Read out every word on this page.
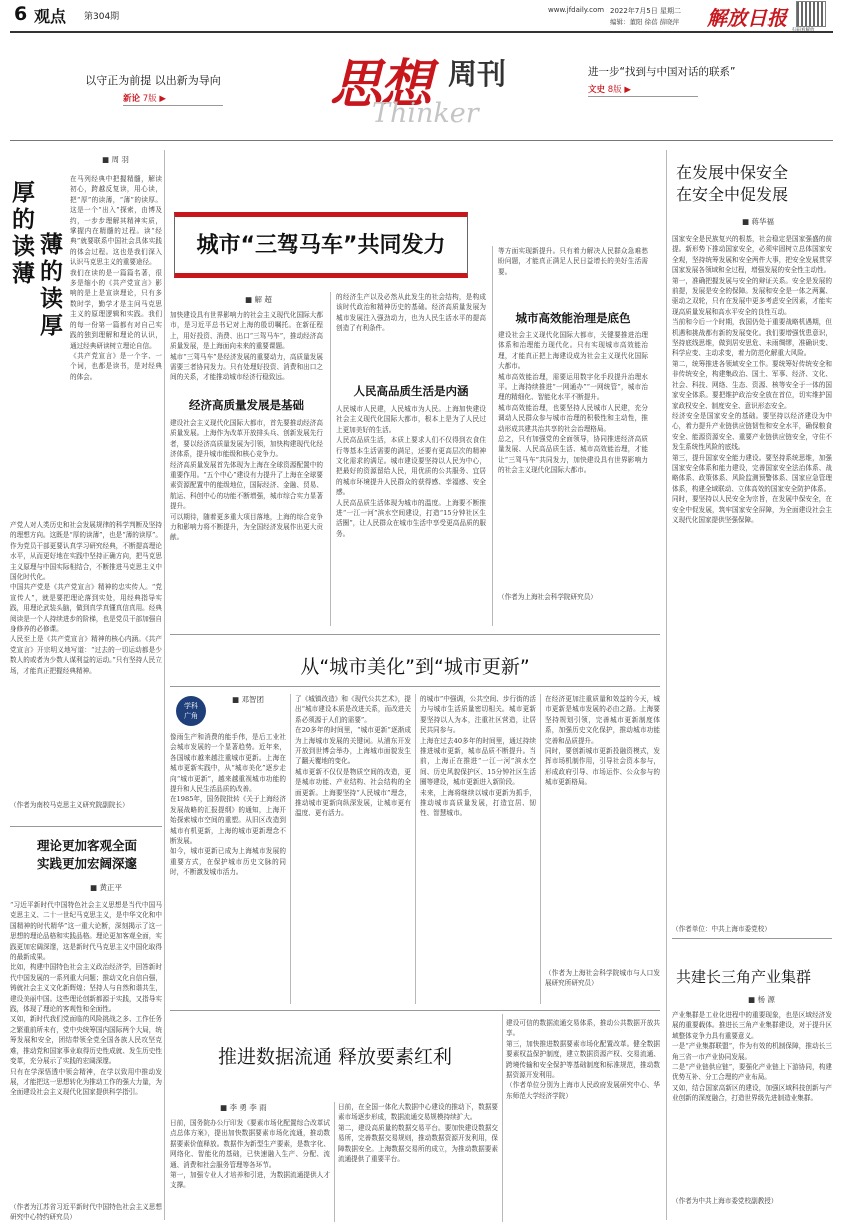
6 观点 第304期
www.jfdaily.com 2022年7月5日 星期二
编辑：董阳 徐蓓 薛晓萍 解放日报
以守正为前提 以出新为导向
新论 7版 ▶	思想 周刊
Thinker
进一步“找到与中国对话的联系”
文史 8版 ▶
■ 周 羽
厚的读薄
薄的读厚
在马列经典中把握精髓，解读初心，跨越反复读，用心读，把“厚”的读薄，“薄”的读厚。这是一个“出入”探索，由博及约，一步步理解其精神实质，掌握内在精髓的过程。读“经典”就要联系中国社会具体实践的体会过程。这也是我们深入认识马克思主义的重要途径。
我们在读的是一篇篇名著，很多是缩小的《共产党宣言》影响的是上是宣读理论，只有多数时学，勤学才是主问马克思主义的原理逻辑和实践。我们的每一份第一篇都有对自己实践的独到理解和理论的认识，通过经典研读树立理论自信。
《共产党宣言》是一个字、一个词，也都是读书，是对经典的体会。
产党人对人类历史和社会发展规律的科学判断及坚持的理想方向。这既是“厚的读薄”，也是“薄的读厚”。作为党员干部更要认真学习研究经典，不断提高理论水平，从而更好地在实践中坚持正确方向，把马克思主义原理与中国实际相结合，不断推进马克思主义中国化时代化。
中国共产党是《共产党宣言》精神的忠实传人。“党宣传人”，就是要把理论落到实处，用经典指导实践，用理论武装头脑，做到真学真懂真信真用。经典阅读是一个人持续进步的阶梯，也是党员干部加强自身修养的必修课。
人民至上是《共产党宣言》精神的核心内涵。《共产党宣言》开宗明义地写道：“过去的一切运动都是少数人的或者为少数人谋利益的运动。”只有坚持人民立场，才能真正把握经典精神。
（作者为南校马克思主义研究院副院长）
理论更加客观全面
实践更加宏阔深邃
■ 黄正平
“习近平新时代中国特色社会主义思想是当代中国马克思主义、二十一世纪马克思主义，是中华文化和中国精神的时代精华”这一重大论断，深刻揭示了这一思想的理论品格和实践品格。理论更加客观全面，实践更加宏阔深邃，这是新时代马克思主义中国化取得的最新成果。
比如，构建中国特色社会主义政治经济学，回答新时代中国发展的一系列重大问题；推动文化自信自强，铸就社会主义文化新辉煌；坚持人与自然和谐共生，建设美丽中国。这些理论创新都源于实践，又指导实践，体现了理论的客观性和全面性。
又如，新时代我们党面临的风险挑战之多、工作任务之繁重前所未有，党中央统筹国内国际两个大局，统筹发展和安全，团结带领全党全国各族人民攻坚克难，推动党和国家事业取得历史性成就、发生历史性变革，充分展示了实践的宏阔深邃。
只有在学深悟透中领会精神，在学以致用中推动发展，才能把这一思想转化为推动工作的强大力量，为全面建设社会主义现代化国家提供科学指引。
（作者为江苏省习近平新时代中国特色社会主义思想研究中心特约研究员）
城市“三驾马车”共同发力
■ 解 超
加快建设具有世界影响力的社会主义现代化国际大都市，是习近平总书记对上海的殷切嘱托。在新征程上，用好投资、消费、出口“三驾马车”，推动经济高质量发展，是上海面向未来的重要课题。
城市“三驾马车”是经济发展的重要动力，高质量发展需要三者协同发力。只有处理好投资、消费和出口之间的关系，才能推动城市经济行稳致远。
经济高质量发展是基础
建设社会主义现代化国际大都市，首先要推动经济高质量发展。上海作为改革开放排头兵、创新发展先行者，要以经济高质量发展为引领，加快构建现代化经济体系，提升城市能级和核心竞争力。
经济高质量发展首先体现为上海在全球资源配置中的重要作用。“五个中心”建设有力提升了上海在全球要素资源配置中的能级地位，国际经济、金融、贸易、航运、科创中心的功能不断增强，城市综合实力显著提升。
可以期待，随着更多重大项目落地，上海的综合竞争力和影响力将不断提升，为全国经济发展作出更大贡献。
的经济生产以及必然从此发生的社会结构，是构成该时代政治和精神历史的基础。经济高质量发展为城市发展注入强劲动力，也为人民生活水平的提高创造了有利条件。
人民高品质生活是内涵
人民城市人民建，人民城市为人民。上海加快建设社会主义现代化国际大都市，根本上是为了人民过上更加美好的生活。
人民高品质生活，本质上要求人们不仅得到衣食住行等基本生活需要的满足，还要有更高层次的精神文化需求的满足。城市建设要坚持以人民为中心，把最好的资源留给人民，用优质的公共服务、宜居的城市环境提升人民群众的获得感、幸福感、安全感。
人民高品质生活体现为城市的温度。上海要不断推进“一江一河”滨水空间建设，打造“15分钟社区生活圈”，让人民群众在城市生活中享受更高品质的服务。
等方面实现新提升。只有着力解决人民群众急难愁盼问题，才能真正满足人民日益增长的美好生活需要。
城市高效能治理是底色
建设社会主义现代化国际大都市，关键要推进治理体系和治理能力现代化。只有实现城市高效能治理，才能真正把上海建设成为社会主义现代化国际大都市。
城市高效能治理，需要运用数字化手段提升治理水平。上海持续推进“一网通办”“一网统管”，城市治理的精细化、智能化水平不断提升。
城市高效能治理，也要坚持人民城市人民建，充分调动人民群众参与城市治理的积极性和主动性，推动形成共建共治共享的社会治理格局。
总之，只有加强党的全面领导，协同推进经济高质量发展、人民高品质生活、城市高效能治理，才能让“三驾马车”共同发力，加快建设具有世界影响力的社会主义现代化国际大都市。
（作者为上海社会科学院研究员）
在发展中保安全
在安全中促发展
■ 蒋华福
国家安全是民族复兴的根基，社会稳定是国家强盛的前提。新形势下推动国家安全，必须牢固树立总体国家安全观，坚持统筹发展和安全两件大事，把安全发展贯穿国家发展各领域和全过程，增强发展的安全性主动性。
第一，准确把握发展与安全的辩证关系。安全是发展的前提，发展是安全的保障。发展和安全是一体之两翼、驱动之双轮，只有在发展中更多考虑安全因素，才能实现高质量发展和高水平安全的良性互动。
当前和今后一个时期，我国仍处于重要战略机遇期，但机遇和挑战都有新的发展变化。我们要增强忧患意识，坚持底线思维，做到居安思危、未雨绸缪，准确识变、科学应变、主动求变，着力防范化解重大风险。
第二，统筹推进各领域安全工作。要统筹好传统安全和非传统安全，构建集政治、国土、军事、经济、文化、社会、科技、网络、生态、资源、核等安全于一体的国家安全体系。要把维护政治安全放在首位，切实维护国家政权安全、制度安全、意识形态安全。
经济安全是国家安全的基础。要坚持以经济建设为中心，着力提升产业链供应链韧性和安全水平，确保粮食安全、能源资源安全、重要产业链供应链安全，守住不发生系统性风险的底线。
第三，提升国家安全能力建设。要坚持系统思维，加强国家安全体系和能力建设，完善国家安全法治体系、战略体系、政策体系、风险监测预警体系、国家应急管理体系，构建全域联动、立体高效的国家安全防护体系。
同时，要坚持以人民安全为宗旨，在发展中保安全，在安全中促发展，筑牢国家安全屏障，为全面建设社会主义现代化国家提供坚强保障。
（作者单位：中共上海市委党校）
从“城市美化”到“城市更新”
学科
广角
■ 邓智团
像雨生产和消费的能手伟，是后工业社会城市发展的一个显著趋势。近年来，各国城市越来越注重城市更新。上海在城市更新实践中，从“城市美化”逐步走向“城市更新”，越来越重视城市功能的提升和人民生活品质的改善。
在1985年，国务院批转《关于上海经济发展战略的汇报提纲》的通知，上海开始探索城市空间的重塑。从旧区改造到城市有机更新，上海的城市更新理念不断发展。
如今，城市更新已成为上海城市发展的重要方式，在保护城市历史文脉的同时，不断激发城市活力。
了《城镇改造》和《现代公共艺术》，提出“城市建设本质是改进关系，而改进关系必须源于人们的需要”。
在20多年的时间里，“城市更新”逐渐成为上海城市发展的关键词。从浦东开发开放到世博会举办，上海城市面貌发生了翻天覆地的变化。
城市更新不仅仅是物质空间的改造，更是城市功能、产业结构、社会结构的全面更新。上海要坚持“人民城市”理念，推动城市更新向纵深发展，让城市更有温度、更有活力。
的城市”中强调，公共空间、步行街的活力与城市生活质量密切相关。城市更新要坚持以人为本，注重社区营造，让居民共同参与。
上海在过去40多年的时间里，通过持续推进城市更新，城市品质不断提升。当前，上海正在推进“一江一河”滨水空间、历史风貌保护区、15分钟社区生活圈等建设，城市更新进入新阶段。
未来，上海将继续以城市更新为抓手，推动城市高质量发展，打造宜居、韧性、智慧城市。
在经济更加注重质量和效益的今天，城市更新是城市发展的必由之路。上海要坚持规划引领，完善城市更新制度体系，加强历史文化保护，推动城市功能完善和品质提升。
同时，要创新城市更新投融资模式，发挥市场机制作用，引导社会资本参与，形成政府引导、市场运作、公众参与的城市更新格局。
（作者为上海社会科学院城市与人口发展研究所研究员）
推进数据流通 释放要素红利
■ 李 勇 李 雨
日前，国务院办公厅印发《要素市场化配置综合改革试点总体方案》，提出加快数据要素市场化流通，推动数据要素价值释放。数据作为新型生产要素，是数字化、网络化、智能化的基础，已快速融入生产、分配、流通、消费和社会服务管理等各环节。
第一，加强专业人才培养和引进，为数据流通提供人才支撑。
日前，在全国一体化大数据中心建设的推动下，数据要素市场逐步形成，数据流通交易规模持续扩大。
第二，建设高质量的数据交易平台。要加快建设数据交易所，完善数据交易规则，推动数据资源开发利用，保障数据安全。上海数据交易所的成立，为推动数据要素流通提供了重要平台。
建设可信的数据流通交易体系，推动公共数据开放共享。
第三，加快推进数据要素市场化配置改革。健全数据要素权益保护制度，建立数据资源产权、交易流通、跨境传输和安全保护等基础制度和标准规范，推动数据资源开发利用。
（作者单位分别为上海市人民政府发展研究中心、华东师范大学经济学院）
共建长三角产业集群
■ 杨 源
产业集群是工业化进程中的重要现象，也是区域经济发展的重要载体。推进长三角产业集群建设，对于提升区域整体竞争力具有重要意义。
一是“产业集群联盟”，作为有效的机制保障，推动长三角三省一市产业协同发展。
二是“产业链供应链”，要强化产业链上下游协同，构建优势互补、分工合理的产业布局。
又如，结合国家高新区的建设，加强区域科技创新与产业创新的深度融合，打造世界级先进制造业集群。
（作者为中共上海市委党校副教授）
